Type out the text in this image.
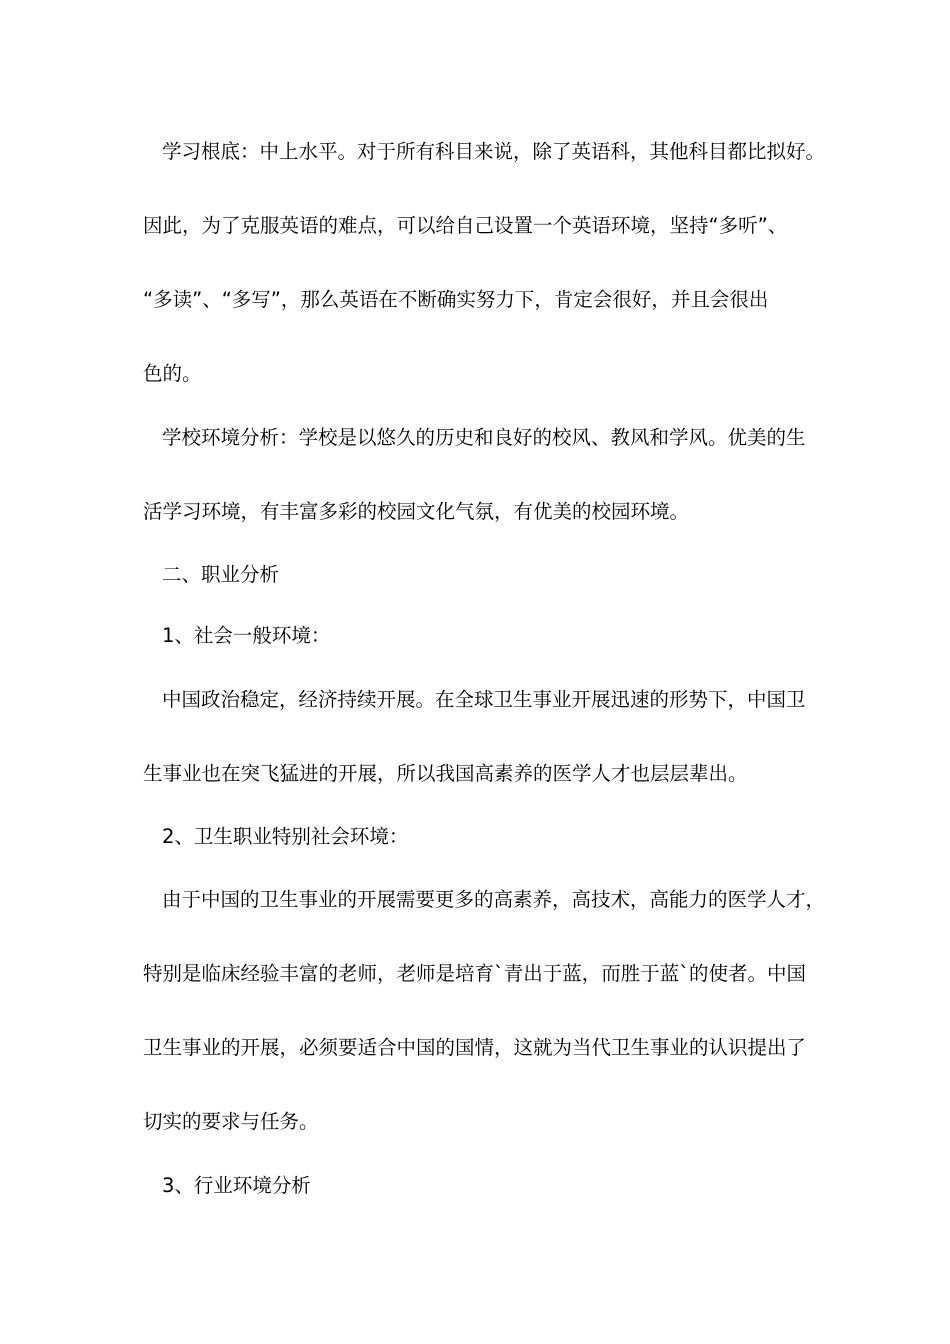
学习根底：中上水平。对于所有科目来说，除了英语科，其他科目都比拟好。
因此，为了克服英语的难点，可以给自己设置一个英语环境，坚持“多听”、
“多读”、“多写”，那么英语在不断确实努力下，肯定会很好，并且会很出
色的。
学校环境分析：学校是以悠久的历史和良好的校风、教风和学风。优美的生
活学习环境，有丰富多彩的校园文化气氛，有优美的校园环境。
二、职业分析
1、社会一般环境：
中国政治稳定，经济持续开展。在全球卫生事业开展迅速的形势下，中国卫
生事业也在突飞猛进的开展，所以我国高素养的医学人才也层层辈出。
2、卫生职业特别社会环境：
由于中国的卫生事业的开展需要更多的高素养，高技术，高能力的医学人才，
特别是临床经验丰富的老师，老师是培育`青出于蓝，而胜于蓝`的使者。中国
卫生事业的开展，必须要适合中国的国情，这就为当代卫生事业的认识提出了
切实的要求与任务。
3、行业环境分析
